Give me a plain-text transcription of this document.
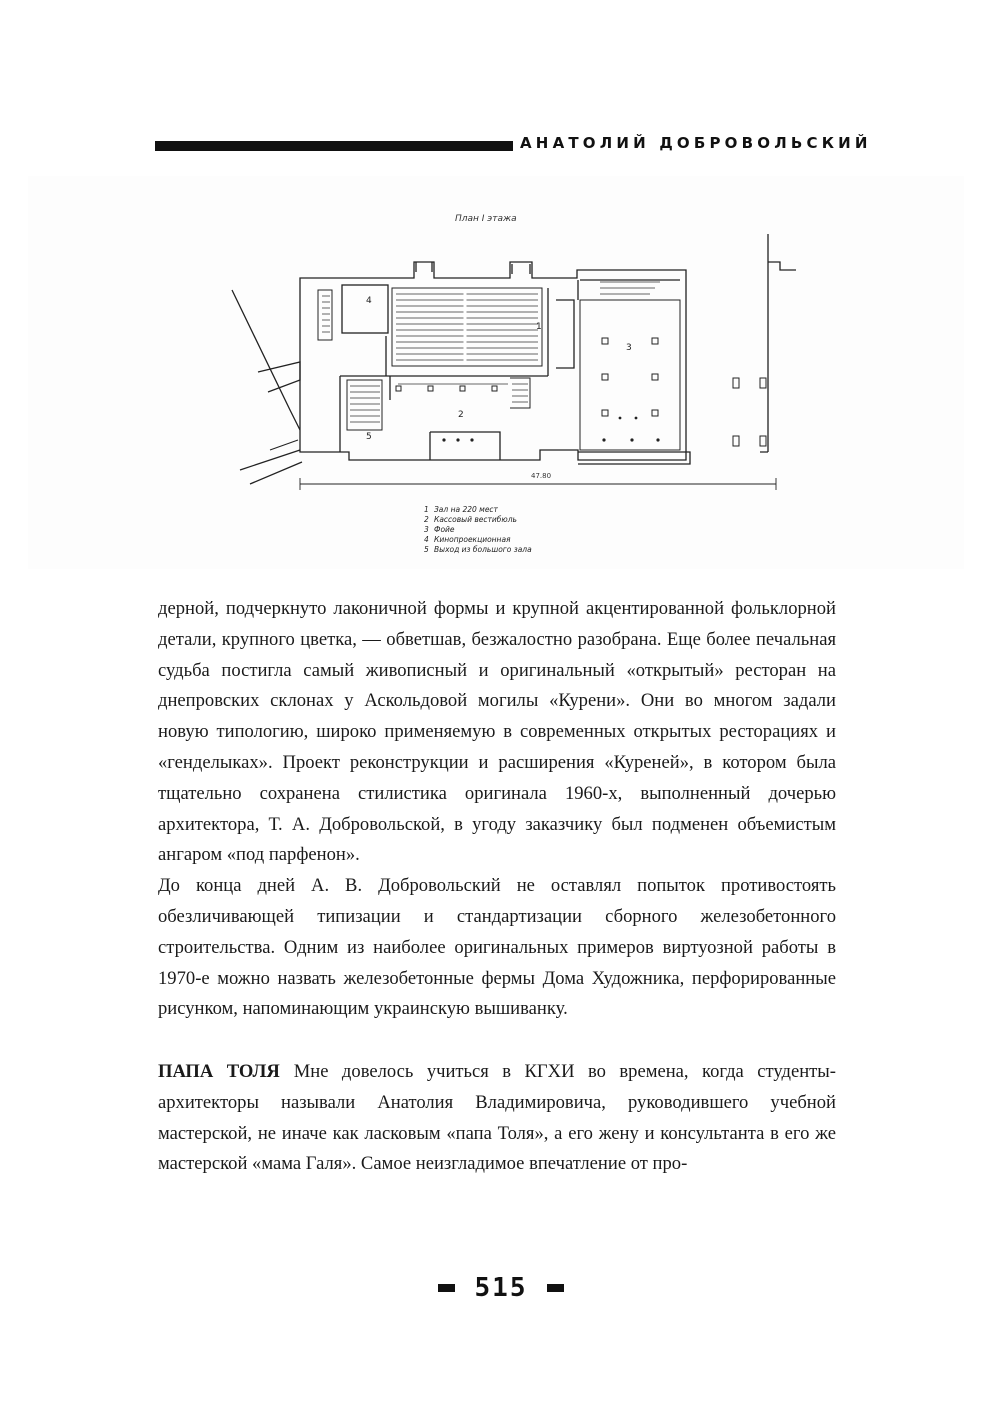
АНАТОЛИЙ ДОБРОВОЛЬСКИЙ
План I этажа
47.80
4
1
3
2
5
1 Зал на 220 мест
2 Кассовый вестибюль
3 Фойе
4 Кинопроекционная
5 Выход из большого зала

дерной, подчеркнуто лаконичной формы и крупной акцентированной фольклорной детали, крупного цветка, — обветшав, безжалостно разобрана. Еще более печальная судьба постигла самый живописный и оригинальный «открытый» ресторан на днепровских склонах у Аскольдовой могилы «Курени». Они во многом задали новую типологию, широко применяемую в современных открытых ресторациях и «генделыках». Проект реконструкции и расширения «Куреней», в котором была тщательно сохранена стилистика оригинала 1960-х, выполненный дочерью архитектора, Т. А. Добровольской, в угоду заказчику был подменен объемистым ангаром «под парфенон».

До конца дней А. В. Добровольский не оставлял попыток противостоять обезличивающей типизации и стандартизации сборного железобетонного строительства. Одним из наиболее оригинальных примеров виртуозной работы в 1970-е можно назвать железобетонные фермы Дома Художника, перфорированные рисунком, напоминающим украинскую вышиванку.

ПАПА ТОЛЯ Мне довелось учиться в КГХИ во времена, когда студенты-архитекторы называли Анатолия Владимировича, руководившего учебной мастерской, не иначе как ласковым «папа Толя», а его жену и консультанта в его же мастерской «мама Галя». Самое неизгладимое впечатление от про-

515
